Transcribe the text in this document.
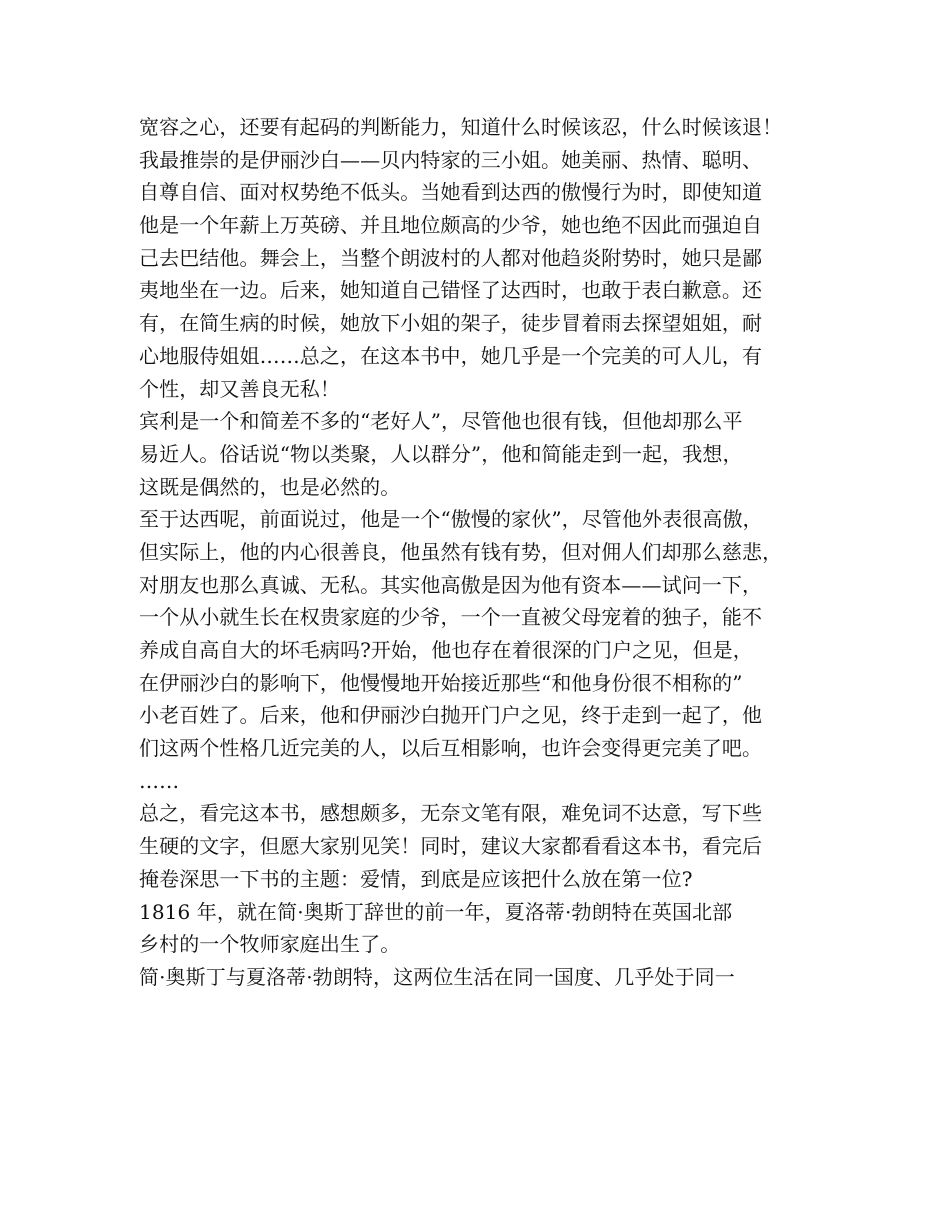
宽容之心，还要有起码的判断能力，知道什么时候该忍，什么时候该退！
我最推崇的是伊丽沙白——贝内特家的三小姐。她美丽、热情、聪明、
自尊自信、面对权势绝不低头。当她看到达西的傲慢行为时，即使知道
他是一个年薪上万英磅、并且地位颇高的少爷，她也绝不因此而强迫自
己去巴结他。舞会上，当整个朗波村的人都对他趋炎附势时，她只是鄙
夷地坐在一边。后来，她知道自己错怪了达西时，也敢于表白歉意。还
有，在简生病的时候，她放下小姐的架子，徒步冒着雨去探望姐姐，耐
心地服侍姐姐……总之，在这本书中，她几乎是一个完美的可人儿，有
个性，却又善良无私！
宾利是一个和简差不多的“老好人”，尽管他也很有钱，但他却那么平
易近人。俗话说“物以类聚，人以群分”，他和简能走到一起，我想，
这既是偶然的，也是必然的。
至于达西呢，前面说过，他是一个“傲慢的家伙”，尽管他外表很高傲，
但实际上，他的内心很善良，他虽然有钱有势，但对佣人们却那么慈悲，
对朋友也那么真诚、无私。其实他高傲是因为他有资本——试问一下，
一个从小就生长在权贵家庭的少爷，一个一直被父母宠着的独子，能不
养成自高自大的坏毛病吗?开始，他也存在着很深的门户之见，但是，
在伊丽沙白的影响下，他慢慢地开始接近那些“和他身份很不相称的”
小老百姓了。后来，他和伊丽沙白抛开门户之见，终于走到一起了，他
们这两个性格几近完美的人，以后互相影响，也许会变得更完美了吧。
……
总之，看完这本书，感想颇多，无奈文笔有限，难免词不达意，写下些
生硬的文字，但愿大家别见笑！同时，建议大家都看看这本书，看完后
掩卷深思一下书的主题：爱情，到底是应该把什么放在第一位?
1816 年，就在简·奥斯丁辞世的前一年，夏洛蒂·勃朗特在英国北部
乡村的一个牧师家庭出生了。
简·奥斯丁与夏洛蒂·勃朗特，这两位生活在同一国度、几乎处于同一
